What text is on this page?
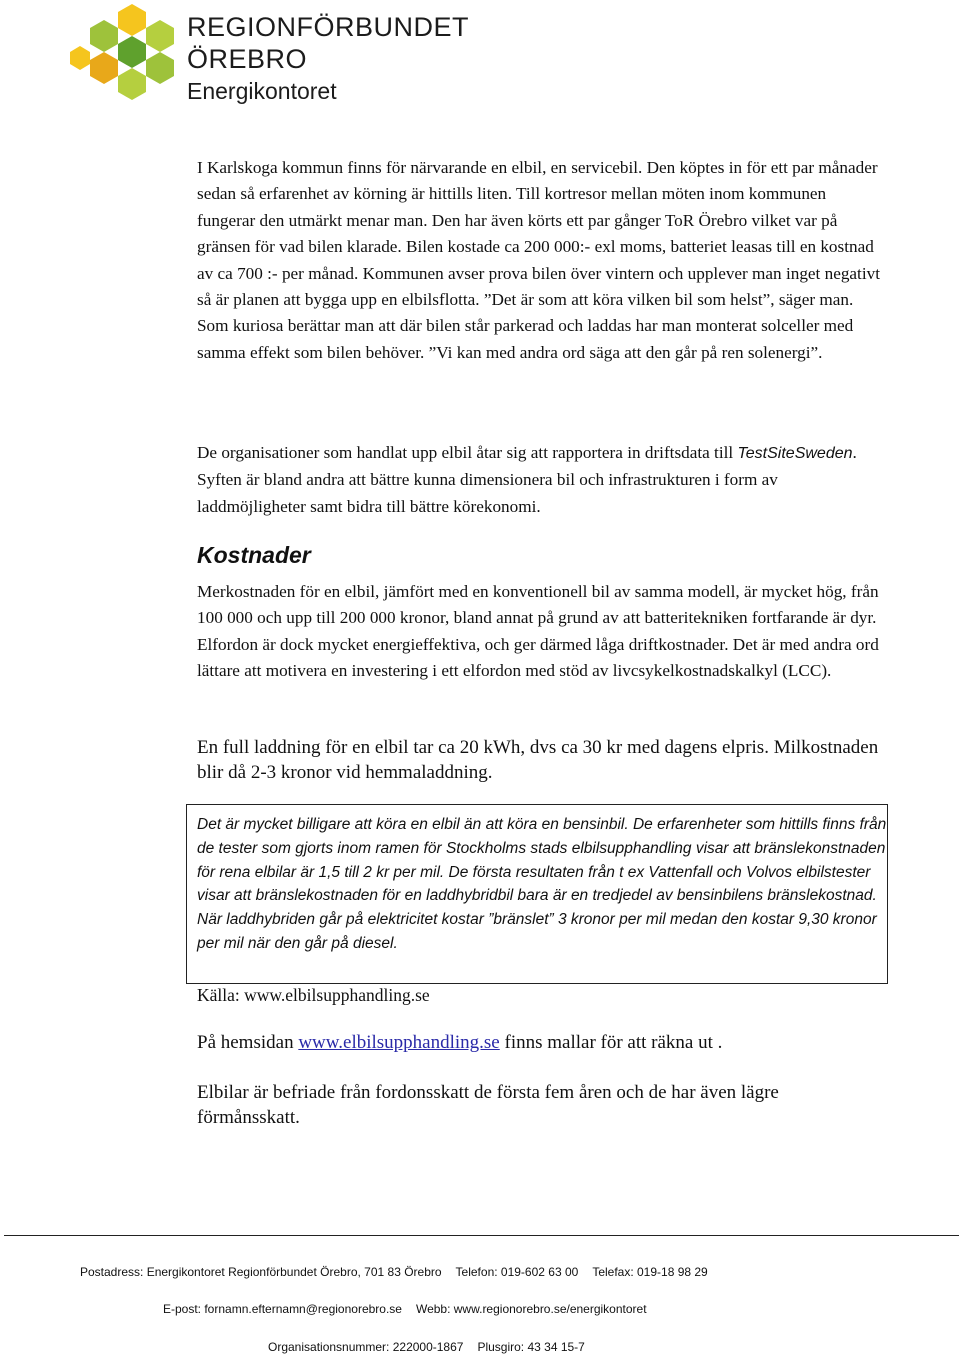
REGIONFÖRBUNDET

ÖREBRO

Energikontoret

I Karlskoga kommun finns för närvarande en elbil, en servicebil. Den köptes in för ett par månader sedan så erfarenhet av körning är hittills liten. Till kortresor mellan möten inom kommunen fungerar den utmärkt menar man. Den har även körts ett par gånger ToR Örebro vilket var på gränsen för vad bilen klarade. Bilen kostade ca 200 000:- exl moms, batteriet leasas till en kostnad av ca 700 :- per månad. Kommunen avser prova bilen över vintern och upplever man inget negativt så är planen att bygga upp en elbilsflotta. ”Det är som att köra vilken bil som helst”, säger man. Som kuriosa berättar man att där bilen står parkerad och laddas har man monterat solceller med samma effekt som bilen behöver. ”Vi kan med andra ord säga att den går på ren solenergi”.

De organisationer som handlat upp elbil åtar sig att rapportera in driftsdata till TestSiteSweden. Syften är bland andra att bättre kunna dimensionera bil och infrastrukturen i form av laddmöjligheter samt bidra till bättre körekonomi.

Kostnader

Merkostnaden för en elbil, jämfört med en konventionell bil av samma modell, är mycket hög, från 100 000 och upp till 200 000 kronor, bland annat på grund av att batteritekniken fortfarande är dyr. Elfordon är dock mycket energieffektiva, och ger därmed låga driftkostnader. Det är med andra ord lättare att motivera en investering i ett elfordon med stöd av livcsykelkostnadskalkyl (LCC).

En full laddning för en elbil tar ca 20 kWh, dvs ca 30 kr med dagens elpris. Milkostnaden blir då 2-3 kronor vid hemmaladdning.

Det är mycket billigare att köra en elbil än att köra en bensinbil. De erfarenheter som hittills finns från de tester som gjorts inom ramen för Stockholms stads elbilsupphandling visar att bränslekonstnaden för rena elbilar är 1,5 till 2 kr per mil. De första resultaten från t ex Vattenfall och Volvos elbilstester visar att bränslekostnaden för en laddhybridbil bara är en tredjedel av bensinbilens bränslekostnad. När laddhybriden går på elektricitet kostar ”bränslet” 3 kronor per mil medan den kostar 9,30 kronor per mil när den går på diesel.

Källa: www.elbilsupphandling.se

På hemsidan www.elbilsupphandling.se finns mallar för att räkna ut .

Elbilar är befriade från fordonsskatt de första fem åren och de har även lägre förmånsskatt.

Postadress: Energikontoret Regionförbundet Örebro, 701 83 Örebro Telefon: 019-602 63 00 Telefax: 019-18 98 29

E-post: fornamn.efternamn@regionorebro.se Webb: www.regionorebro.se/energikontoret

Organisationsnummer: 222000-1867 Plusgiro: 43 34 15-7
